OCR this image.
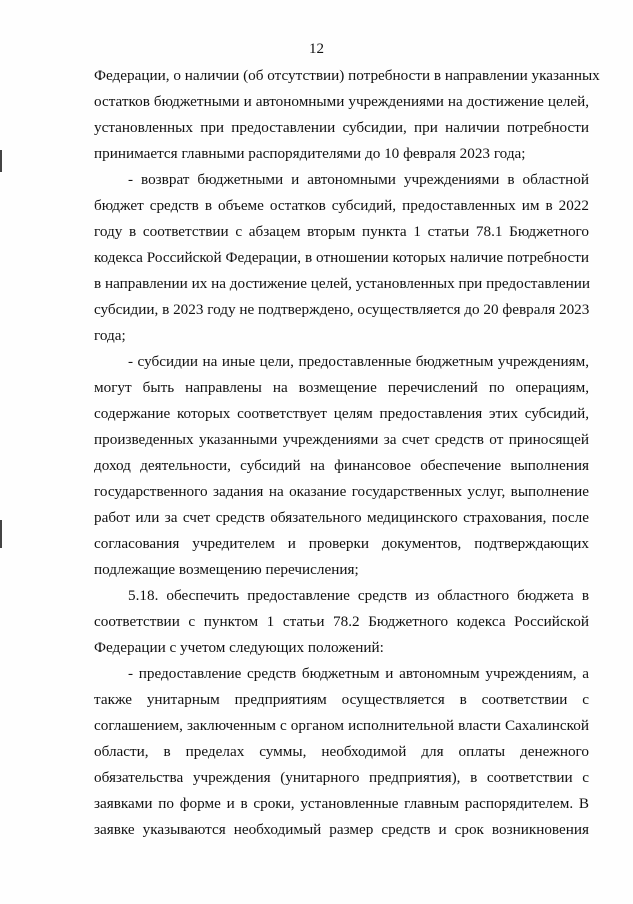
12
Федерации, о наличии (об отсутствии) потребности в направлении указанных
остатков бюджетными и автономными учреждениями на достижение целей,
установленных при предоставлении субсидии, при наличии потребности
принимается главными распорядителями до 10 февраля 2023 года;
- возврат бюджетными и автономными учреждениями в областной
бюджет средств в объеме остатков субсидий, предоставленных им в 2022
году в соответствии с абзацем вторым пункта 1 статьи 78.1 Бюджетного
кодекса Российской Федерации, в отношении которых наличие потребности
в направлении их на достижение целей, установленных при предоставлении
субсидии, в 2023 году не подтверждено, осуществляется до 20 февраля 2023
года;
- субсидии на иные цели, предоставленные бюджетным учреждениям,
могут быть направлены на возмещение перечислений по операциям,
содержание которых соответствует целям предоставления этих субсидий,
произведенных указанными учреждениями за счет средств от приносящей
доход деятельности, субсидий на финансовое обеспечение выполнения
государственного задания на оказание государственных услуг, выполнение
работ или за счет средств обязательного медицинского страхования, после
согласования учредителем и проверки документов, подтверждающих
подлежащие возмещению перечисления;
5.18. обеспечить предоставление средств из областного бюджета в
соответствии с пунктом 1 статьи 78.2 Бюджетного кодекса Российской
Федерации с учетом следующих положений:
- предоставление средств бюджетным и автономным учреждениям, а
также унитарным предприятиям осуществляется в соответствии с
соглашением, заключенным с органом исполнительной власти Сахалинской
области, в пределах суммы, необходимой для оплаты денежного
обязательства учреждения (унитарного предприятия), в соответствии с
заявками по форме и в сроки, установленные главным распорядителем. В
заявке указываются необходимый размер средств и срок возникновения
